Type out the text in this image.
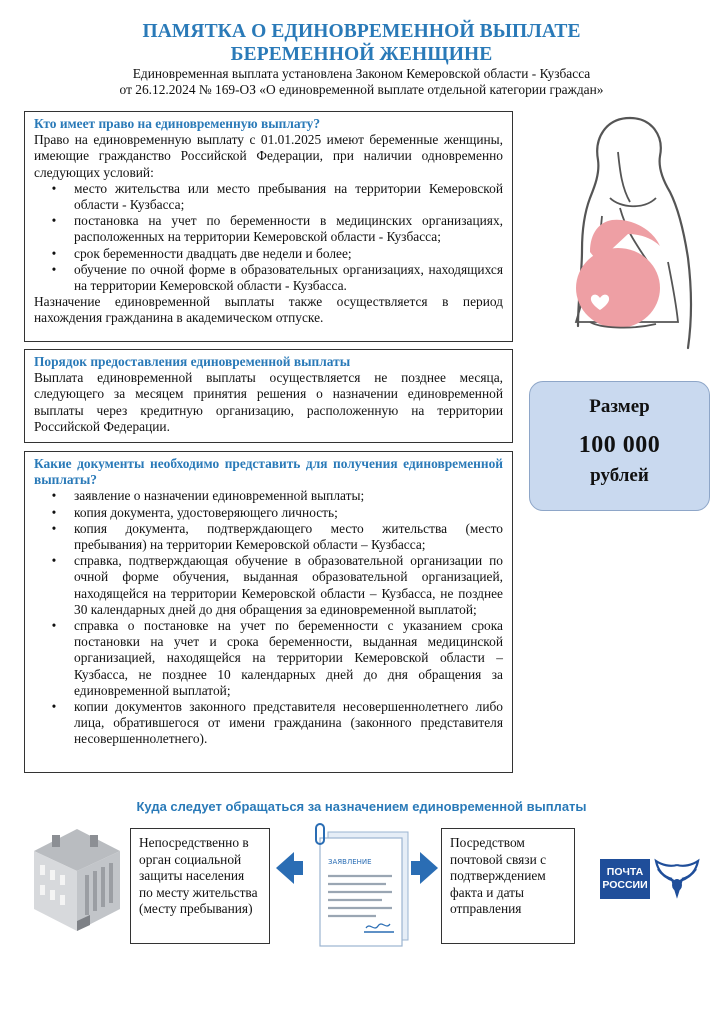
ПАМЯТКА О ЕДИНОВРЕМЕННОЙ ВЫПЛАТЕ
БЕРЕМЕННОЙ ЖЕНЩИНЕ
Единовременная выплата установлена Законом Кемеровской области - Кузбасса
от 26.12.2024 № 169-ОЗ «О единовременной выплате отдельной категории граждан»

Кто имеет право на единовременную выплату?

Право на единовременную выплату с 01.01.2025 имеют беременные женщины, имеющие гражданство Российской Федерации, при наличии одновременно следующих условий:

•	место жительства или место пребывания на территории Кемеровской области - Кузбасса;
•	постановка на учет по беременности в медицинских организациях, расположенных на территории Кемеровской области - Кузбасса;
•	срок беременности двадцать две недели и более;
•	обучение по очной форме в образовательных организациях, находящихся на территории Кемеровской области - Кузбасса.

Назначение единовременной выплаты также осуществляется в период нахождения гражданина в академическом отпуске.

Порядок предоставления единовременной выплаты

Выплата единовременной выплаты осуществляется не позднее месяца, следующего за месяцем принятия решения о назначении единовременной выплаты через кредитную организацию, расположенную на территории Российской Федерации.

Какие документы необходимо представить для получения единовременной выплаты?

•	заявление о назначении единовременной выплаты;
•	копия документа, удостоверяющего личность;
•	копия документа, подтверждающего место жительства (место пребывания) на территории Кемеровской области – Кузбасса;
•	справка, подтверждающая обучение в образовательной организации по очной форме обучения, выданная образовательной организацией, находящейся на территории Кемеровской области – Кузбасса, не позднее 30 календарных дней до дня обращения за единовременной выплатой;
•	справка о постановке на учет по беременности с указанием срока постановки на учет и срока беременности, выданная медицинской организацией, находящейся на территории Кемеровской области – Кузбасса, не позднее 10 календарных дней до дня обращения за единовременной выплатой;
•	копии документов законного представителя несовершеннолетнего либо лица, обратившегося от имени гражданина (законного представителя несовершеннолетнего).
Размер
100 000
рублей
Куда следует обращаться за назначением единовременной выплаты
Непосредственно в орган социальной защиты населения по месту жительства (месту пребывания)
ЗАЯВЛЕНИЕ
Посредством почтовой связи с подтверждением факта и даты отправления
ПОЧТА
РОССИИ
